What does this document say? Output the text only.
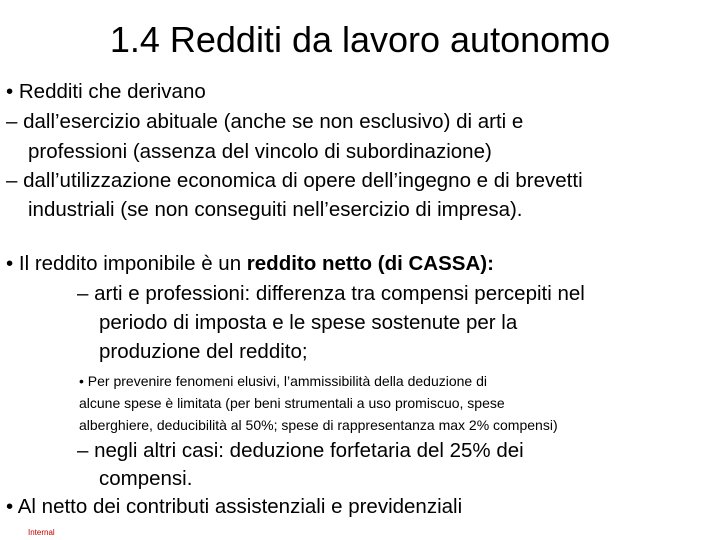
1.4 Redditi da lavoro autonomo

• Redditi che derivano

– dall’esercizio abituale (anche se non esclusivo) di arti e

professioni (assenza del vincolo di subordinazione)

– dall’utilizzazione economica di opere dell’ingegno e di brevetti

industriali (se non conseguiti nell’esercizio di impresa).

• Il reddito imponibile è un reddito netto (di CASSA):

– arti e professioni: differenza tra compensi percepiti nel

periodo di imposta e le spese sostenute per la

produzione del reddito;

• Per prevenire fenomeni elusivi, l’ammissibilità della deduzione di

alcune spese è limitata (per beni strumentali a uso promiscuo, spese

alberghiere, deducibilità al 50%; spese di rappresentanza max 2% compensi)

– negli altri casi: deduzione forfetaria del 25% dei

compensi.

• Al netto dei contributi assistenziali e previdenziali

Internal
